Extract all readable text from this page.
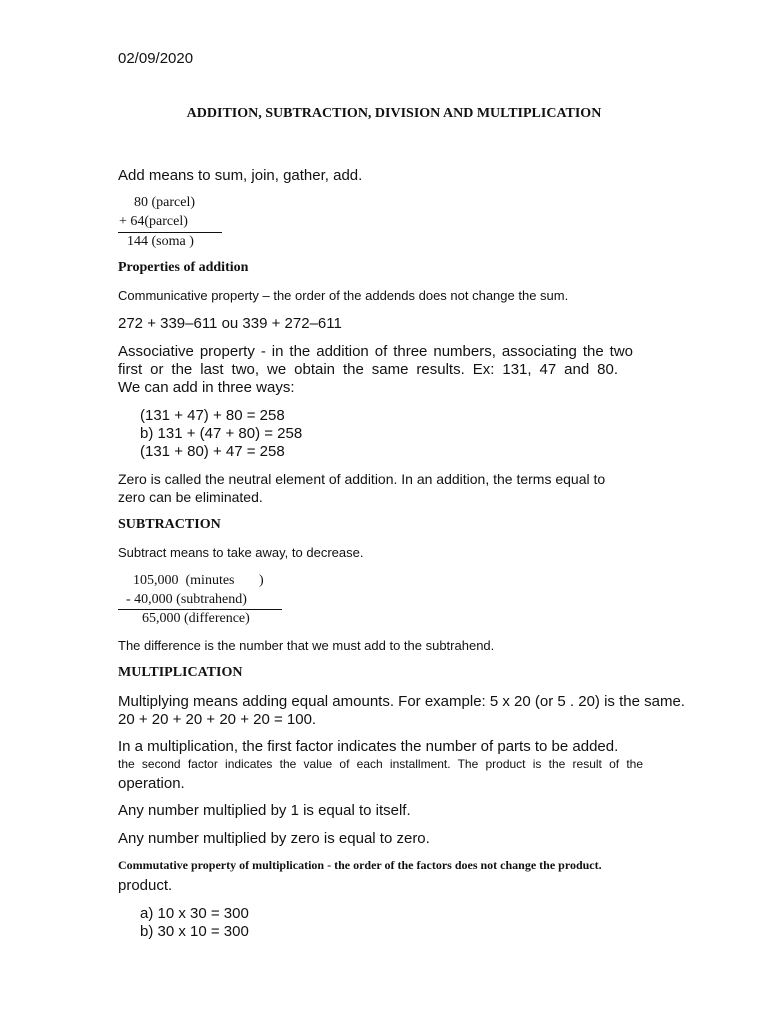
02/09/2020
ADDITION, SUBTRACTION, DIVISION AND MULTIPLICATION
Add means to sum, join, gather, add.
80 (parcel)
+ 64(parcel)
144 (soma )
Properties of addition
Communicative property – the order of the addends does not change the sum.
272 + 339–611 ou 339 + 272–611
Associative property - in the addition of three numbers, associating the two
first or the last two, we obtain the same results. Ex: 131, 47 and 80.
We can add in three ways:
(131 + 47) + 80 = 258
b) 131 + (47 + 80) = 258
(131 + 80) + 47 = 258
Zero is called the neutral element of addition. In an addition, the terms equal to
zero can be eliminated.
SUBTRACTION
Subtract means to take away, to decrease.
105,000  (minutes       )
- 40,000 (subtrahend)
65,000 (difference)
The difference is the number that we must add to the subtrahend.
MULTIPLICATION
Multiplying means adding equal amounts. For example: 5 x 20 (or 5 . 20) is the same.
20 + 20 + 20 + 20 + 20 = 100.
In a multiplication, the first factor indicates the number of parts to be added.
the second factor indicates the value of each installment. The product is the result of the
operation.
Any number multiplied by 1 is equal to itself.
Any number multiplied by zero is equal to zero.
Commutative property of multiplication - the order of the factors does not change the product.
product.
a) 10 x 30 = 300
b) 30 x 10 = 300
